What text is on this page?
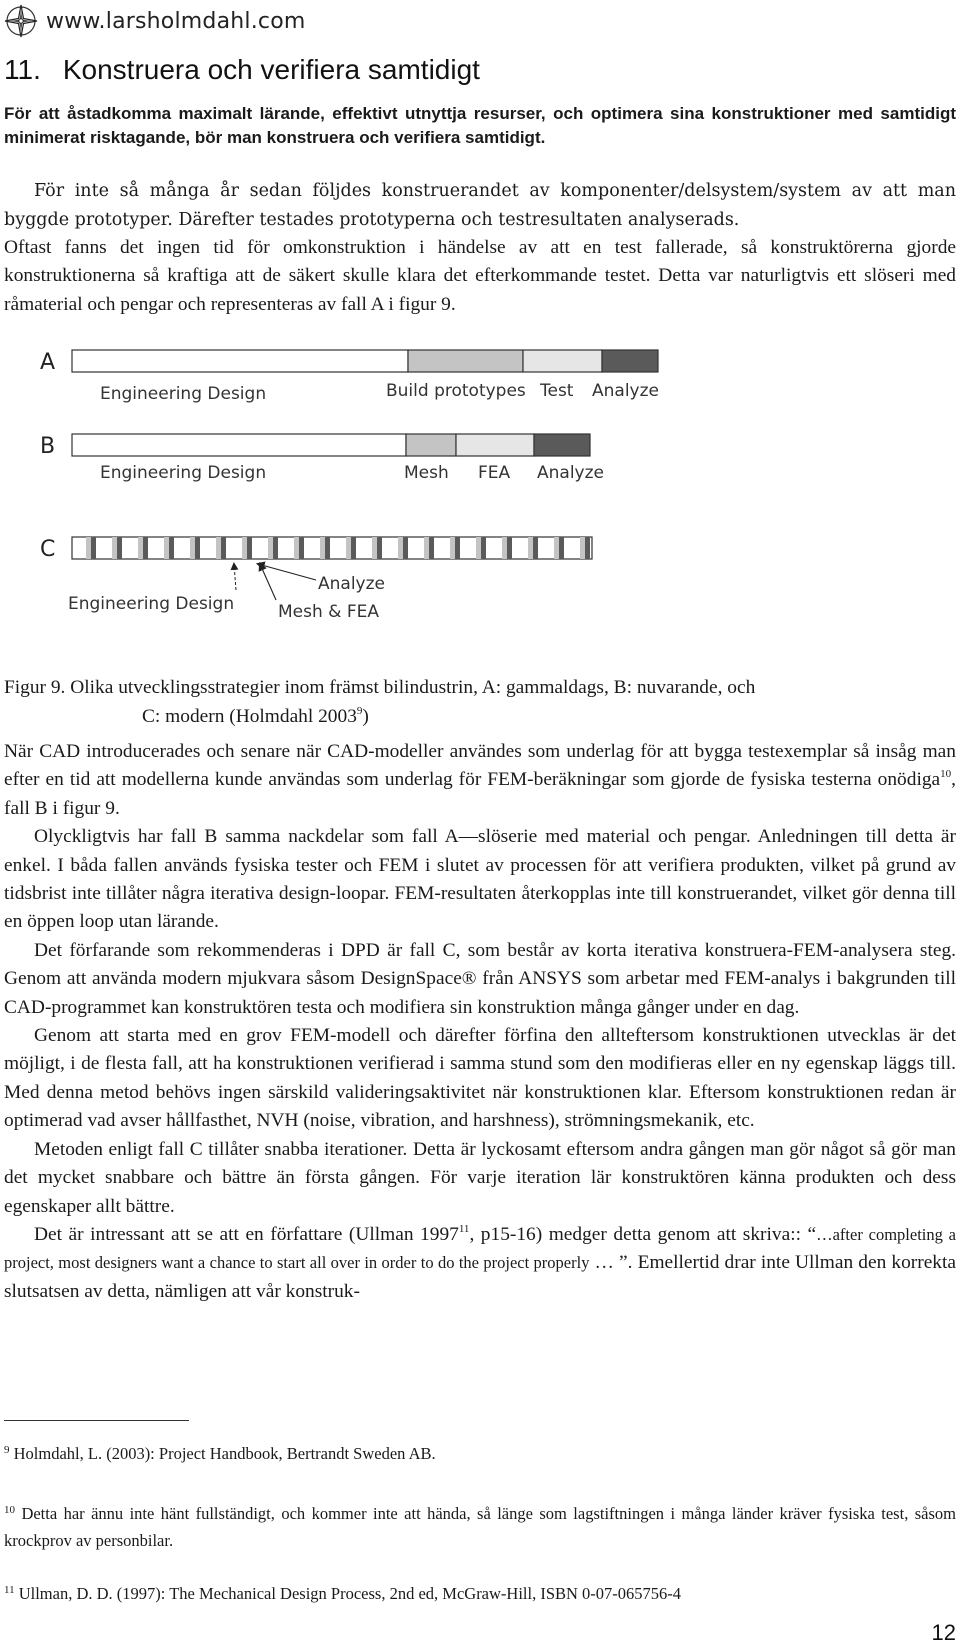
www.larsholmdahl.com
11. Konstruera och verifiera samtidigt

För att åstadkomma maximalt lärande, effektivt utnyttja resurser, och optimera sina konstruktioner med samtidigt minimerat risktagande, bör man konstruera och verifiera samtidigt.

För inte så många år sedan följdes konstruerandet av komponenter/delsystem/system av att man byggde prototyper. Därefter testades prototyperna och testresultaten analyserads.

Oftast fanns det ingen tid för omkonstruktion i händelse av att en test fallerade, så konstruktörerna gjorde konstruktionerna så kraftiga att de säkert skulle klara det efterkommande testet. Detta var naturligtvis ett slöseri med råmaterial och pengar och representeras av fall A i figur 9.

A
Engineering Design	Build prototypes Test Analyze
B
Engineering Design	Mesh FEA Analyze
C
Analyze
Engineering Design	Mesh & FEA

Figur 9. Olika utvecklingsstrategier inom främst bilindustrin, A: gammaldags, B: nuvarande, och
C: modern (Holmdahl 2003$^9$)

När CAD introducerades och senare när CAD-modeller användes som underlag för att bygga testexemplar så insåg man efter en tid att modellerna kunde användas som underlag för FEM-beräkningar som gjorde de fysiska testerna onödiga$^{10}$, fall B i figur 9.

Olyckligtvis har fall B samma nackdelar som fall A—slöserie med material och pengar. Anledningen till detta är enkel. I båda fallen används fysiska tester och FEM i slutet av processen för att verifiera produkten, vilket på grund av tidsbrist inte tillåter några iterativa design-loopar. FEM-resultaten återkopplas inte till konstruerandet, vilket gör denna till en öppen loop utan lärande.

Det förfarande som rekommenderas i DPD är fall C, som består av korta iterativa konstruera-FEM-analysera steg. Genom att använda modern mjukvara såsom DesignSpace® från ANSYS som arbetar med FEM-analys i bakgrunden till CAD-programmet kan konstruktören testa och modifiera sin konstruktion många gånger under en dag.

Genom att starta med en grov FEM-modell och därefter förfina den allteftersom konstruktionen utvecklas är det möjligt, i de flesta fall, att ha konstruktionen verifierad i samma stund som den modifieras eller en ny egenskap läggs till. Med denna metod behövs ingen särskild valideringsaktivitet när konstruktionen klar. Eftersom konstruktionen redan är optimerad vad avser hållfasthet, NVH (noise, vibration, and harshness), strömningsmekanik, etc.

Metoden enligt fall C tillåter snabba iterationer. Detta är lyckosamt eftersom andra gången man gör något så gör man det mycket snabbare och bättre än första gången. För varje iteration lär konstruktören känna produkten och dess egenskaper allt bättre.

Det är intressant att se att en författare (Ullman 1997$^{11}$, p15-16) medger detta genom att skriva:: “…after completing a project, most designers want a chance to start all over in order to do the project properly … ”. Emellertid drar inte Ullman den korrekta slutsatsen av detta, nämligen att vår konstruk-

$^9$ Holmdahl, L. (2003): Project Handbook, Bertrandt Sweden AB.

$^{10}$ Detta har ännu inte hänt fullständigt, och kommer inte att hända, så länge som lagstiftningen i många länder kräver fysiska test, såsom krockprov av personbilar.

$^{11}$ Ullman, D. D. (1997): The Mechanical Design Process, 2nd ed, McGraw-Hill, ISBN 0-07-065756-4

12
